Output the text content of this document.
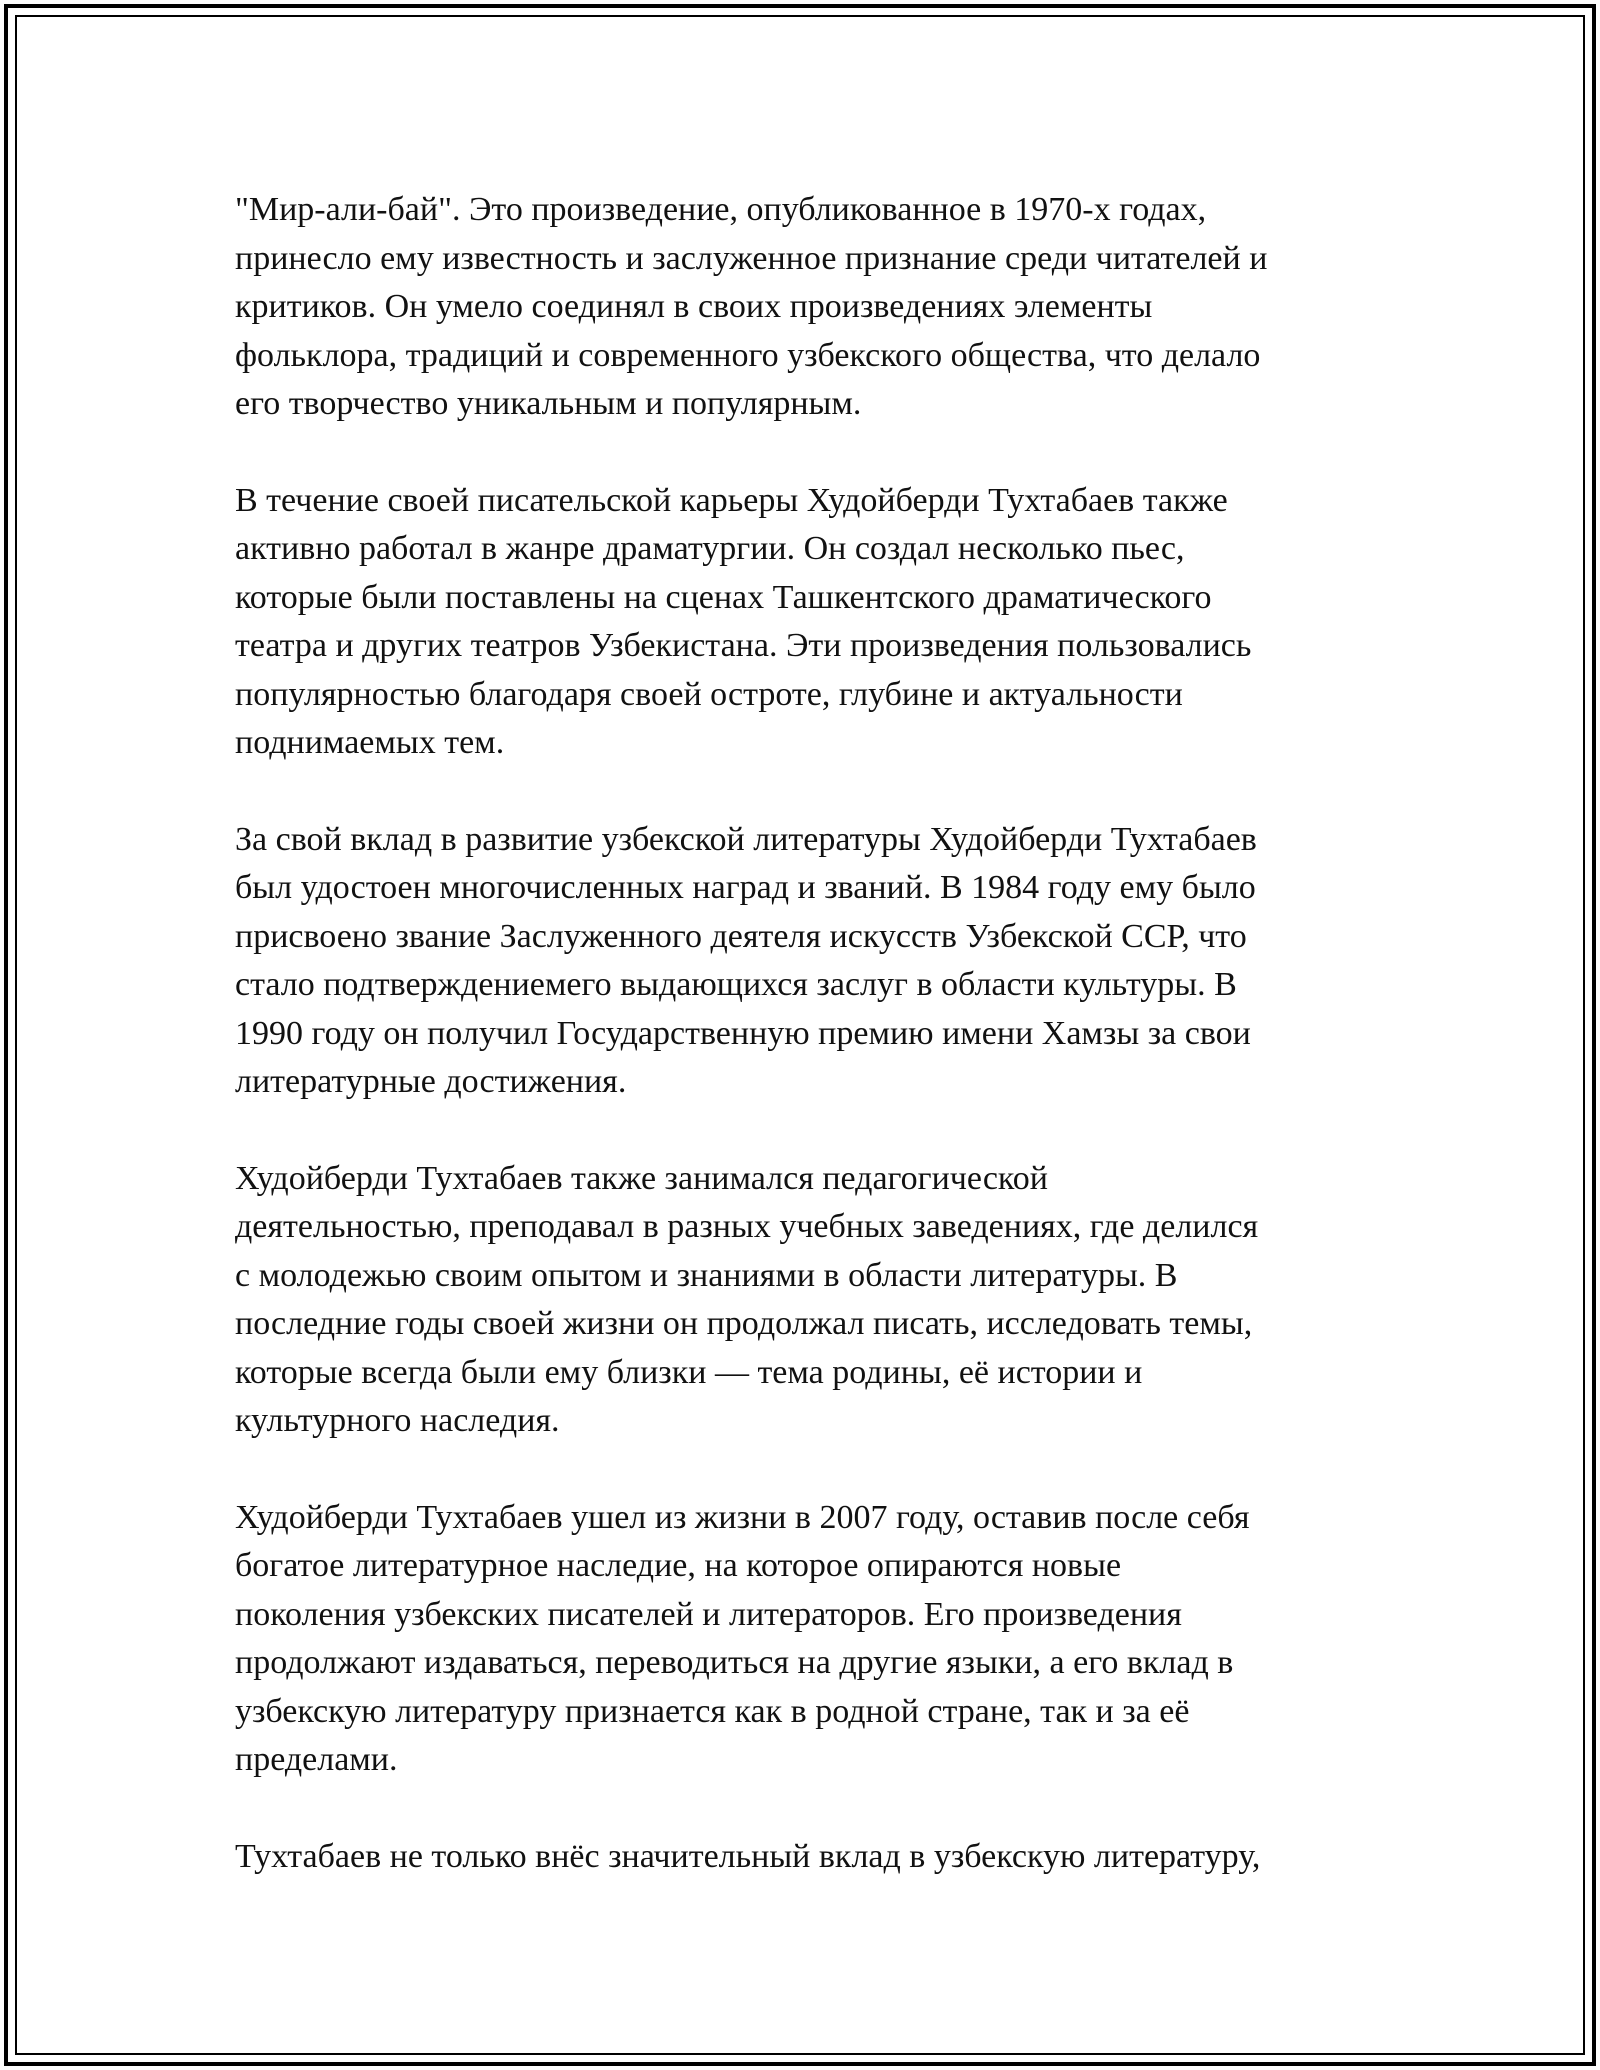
"Мир-али-бай". Это произведение, опубликованное в 1970-х годах,
принесло ему известность и заслуженное признание среди читателей и
критиков. Он умело соединял в своих произведениях элементы
фольклора, традиций и современного узбекского общества, что делало
его творчество уникальным и популярным.

В течение своей писательской карьеры Худойберди Тухтабаев также
активно работал в жанре драматургии. Он создал несколько пьес,
которые были поставлены на сценах Ташкентского драматического
театра и других театров Узбекистана. Эти произведения пользовались
популярностью благодаря своей остроте, глубине и актуальности
поднимаемых тем.

За свой вклад в развитие узбекской литературы Худойберди Тухтабаев
был удостоен многочисленных наград и званий. В 1984 году ему было
присвоено звание Заслуженного деятеля искусств Узбекской ССР, что
стало подтверждениемего выдающихся заслуг в области культуры. В
1990 году он получил Государственную премию имени Хамзы за свои
литературные достижения.

Худойберди Тухтабаев также занимался педагогической
деятельностью, преподавал в разных учебных заведениях, где делился
с молодежью своим опытом и знаниями в области литературы. В
последние годы своей жизни он продолжал писать, исследовать темы,
которые всегда были ему близки — тема родины, её истории и
культурного наследия.

Худойберди Тухтабаев ушел из жизни в 2007 году, оставив после себя
богатое литературное наследие, на которое опираются новые
поколения узбекских писателей и литераторов. Его произведения
продолжают издаваться, переводиться на другие языки, а его вклад в
узбекскую литературу признается как в родной стране, так и за её
пределами.

Тухтабаев не только внёс значительный вклад в узбекскую литературу,
